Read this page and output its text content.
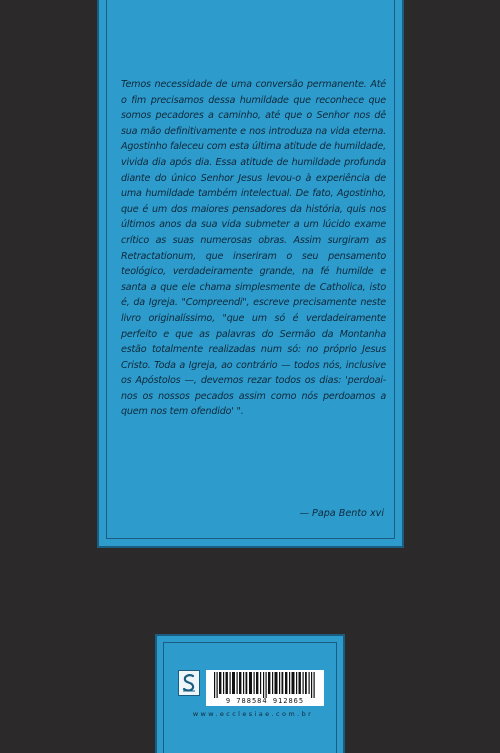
Temos necessidade de uma conversão permanente. Até o fim precisamos dessa humildade que reconhece que somos pecadores a caminho, até que o Senhor nos dê sua mão definitivamente e nos introduza na vida eterna. Agostinho faleceu com esta última atitude de humildade, vivida dia após dia. Essa atitude de humildade profunda diante do único Senhor Jesus levou-o à experiência de uma humildade também intelectual. De fato, Agostinho, que é um dos maiores pensadores da história, quis nos últimos anos da sua vida submeter a um lúcido exame crítico as suas numerosas obras. Assim surgiram as Retractationum, que inseriram o seu pensamento teológico, verdadeiramente grande, na fé humilde e santa a que ele chama simplesmente de Catholica, isto é, da Igreja. "Compreendi", escreve precisamente neste livro originalíssimo, "que um só é verdadeiramente perfeito e que as palavras do Sermão da Montanha estão totalmente realizadas num só: no próprio Jesus Cristo. Toda a Igreja, ao contrário — todos nós, inclusive os Apóstolos —, devemos rezar todos os dias: 'perdoai-nos os nossos pecados assim como nós perdoamos a quem nos tem ofendido' ".
— Papa Bento xvi
9 788584 912865
www.ecclesiae.com.br
